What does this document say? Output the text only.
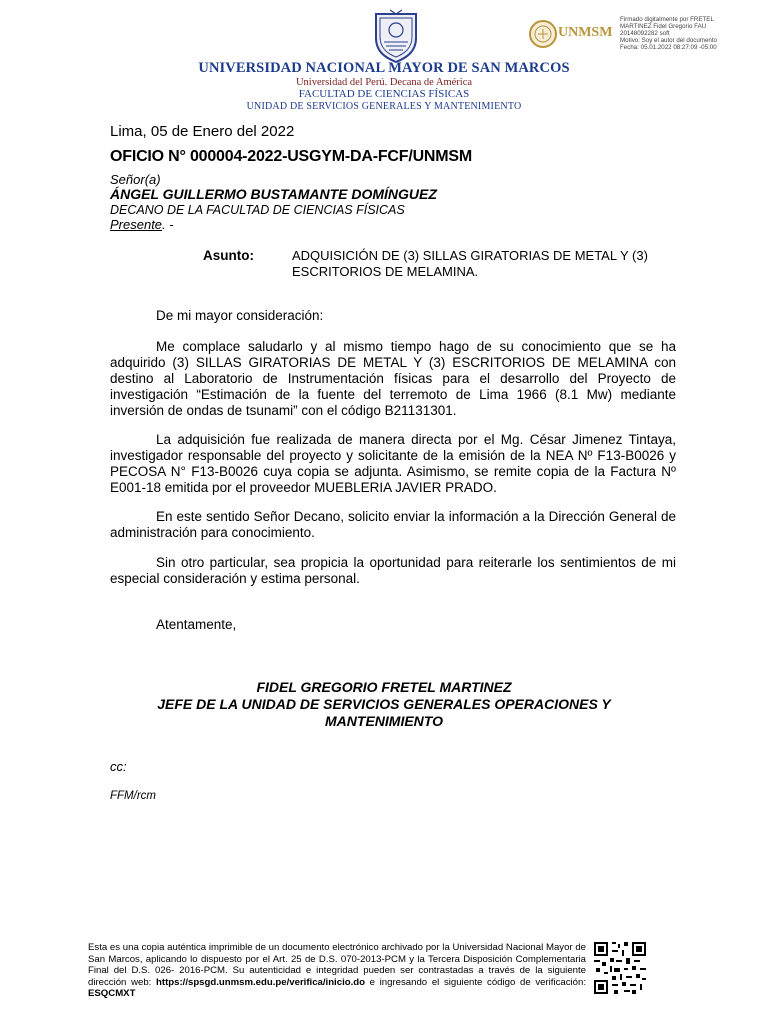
UNMSM
Firmado digitalmente por FRETEL
MARTINEZ Fidel Gregorio FAU
20148092282 soft
Motivo: Soy el autor del documento
Fecha: 05.01.2022 08:27:09 -05:00
UNIVERSIDAD NACIONAL MAYOR DE SAN MARCOS
Universidad del Perú. Decana de América
FACULTAD DE CIENCIAS FÍSICAS
UNIDAD DE SERVICIOS GENERALES Y MANTENIMIENTO
Lima, 05 de Enero del 2022
OFICIO N° 000004-2022-USGYM-DA-FCF/UNMSM
Señor(a)
ÁNGEL GUILLERMO BUSTAMANTE DOMÍNGUEZ
DECANO DE LA FACULTAD DE CIENCIAS FÍSICAS
Presente. -
Asunto:	ADQUISICIÓN DE (3) SILLAS GIRATORIAS DE METAL Y (3) ESCRITORIOS DE MELAMINA.
De mi mayor consideración:
Me complace saludarlo y al mismo tiempo hago de su conocimiento que se ha adquirido (3) SILLAS GIRATORIAS DE METAL Y (3) ESCRITORIOS DE MELAMINA con destino al Laboratorio de Instrumentación físicas para el desarrollo del Proyecto de investigación “Estimación de la fuente del terremoto de Lima 1966 (8.1 Mw) mediante inversión de ondas de tsunami” con el código B21131301.
La adquisición fue realizada de manera directa por el Mg. César Jimenez Tintaya, investigador responsable del proyecto y solicitante de la emisión de la NEA Nº F13-B0026 y PECOSA N° F13-B0026 cuya copia se adjunta. Asimismo, se remite copia de la Factura Nº E001-18 emitida por el proveedor MUEBLERIA JAVIER PRADO.
En este sentido Señor Decano, solicito enviar la información a la Dirección General de administración para conocimiento.
Sin otro particular, sea propicia la oportunidad para reiterarle los sentimientos de mi especial consideración y estima personal.
Atentamente,
FIDEL GREGORIO FRETEL MARTINEZ
JEFE DE LA UNIDAD DE SERVICIOS GENERALES OPERACIONES Y
MANTENIMIENTO
cc:
FFM/rcm
Esta es una copia auténtica imprimible de un documento electrónico archivado por la Universidad Nacional Mayor de San Marcos, aplicando lo dispuesto por el Art. 25 de D.S. 070-2013-PCM y la Tercera Disposición Complementaria Final del D.S. 026- 2016-PCM. Su autenticidad e integridad pueden ser contrastadas a través de la siguiente dirección web: https://spsgd.unmsm.edu.pe/verifica/inicio.do e ingresando el siguiente código de verificación: ESQCMXT
